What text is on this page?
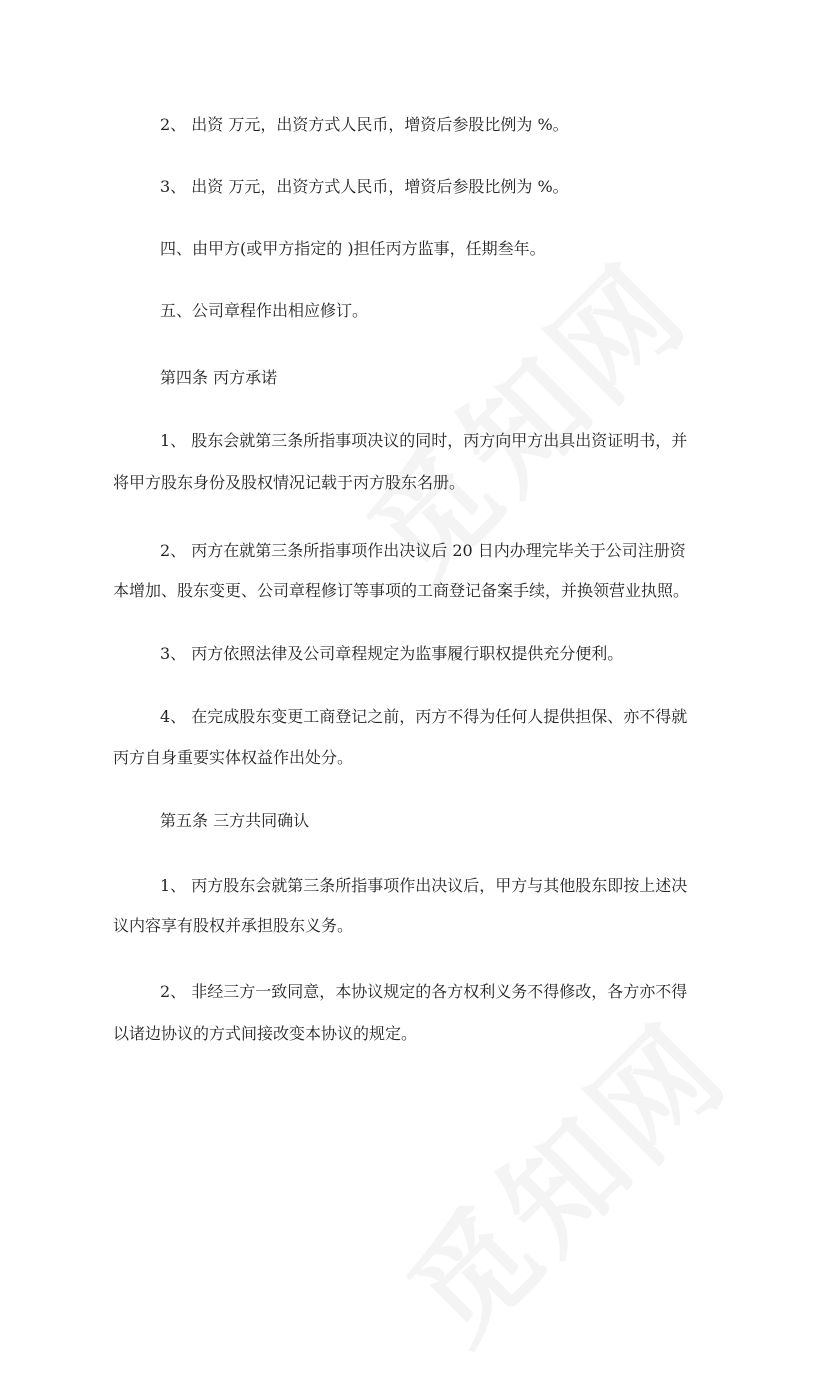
2、 出资 万元，出资方式人民币，增资后参股比例为 %。
3、 出资 万元，出资方式人民币，增资后参股比例为 %。
四、由甲方(或甲方指定的 )担任丙方监事，任期叁年。
五、公司章程作出相应修订。
第四条 丙方承诺
1、 股东会就第三条所指事项决议的同时，丙方向甲方出具出资证明书，并
将甲方股东身份及股权情况记载于丙方股东名册。
2、 丙方在就第三条所指事项作出决议后 20 日内办理完毕关于公司注册资
本增加、股东变更、公司章程修订等事项的工商登记备案手续，并换领营业执照。
3、 丙方依照法律及公司章程规定为监事履行职权提供充分便利。
4、 在完成股东变更工商登记之前，丙方不得为任何人提供担保、亦不得就
丙方自身重要实体权益作出处分。
第五条 三方共同确认
1、 丙方股东会就第三条所指事项作出决议后，甲方与其他股东即按上述决
议内容享有股权并承担股东义务。
2、 非经三方一致同意，本协议规定的各方权利义务不得修改，各方亦不得
以诸边协议的方式间接改变本协议的规定。
